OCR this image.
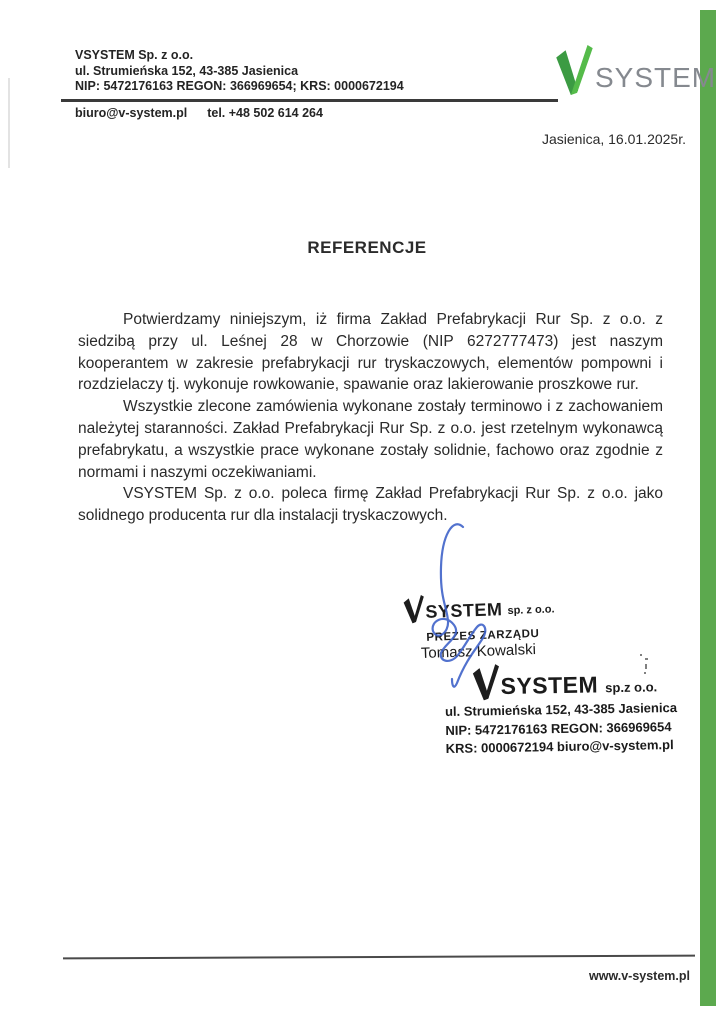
VSYSTEM Sp. z o.o.
ul. Strumieńska 152, 43-385 Jasienica
NIP: 5472176163 REGON: 366969654; KRS: 0000672194
biuro@v-system.pl tel. +48 502 614 264
SYSTEM
Jasienica, 16.01.2025r.
REFERENCJE

Potwierdzamy niniejszym, iż firma Zakład Prefabrykacji Rur Sp. z o.o. z siedzibą przy ul. Leśnej 28 w Chorzowie (NIP 6272777473) jest naszym kooperantem w zakresie prefabrykacji rur tryskaczowych, elementów pompowni i rozdzielaczy tj. wykonuje rowkowanie, spawanie oraz lakierowanie proszkowe rur.

Wszystkie zlecone zamówienia wykonane zostały terminowo i z zachowaniem należytej staranności. Zakład Prefabrykacji Rur Sp. z o.o. jest rzetelnym wykonawcą prefabrykatu, a wszystkie prace wykonane zostały solidnie, fachowo oraz zgodnie z normami i naszymi oczekiwaniami.

VSYSTEM Sp. z o.o. poleca firmę Zakład Prefabrykacji Rur Sp. z o.o. jako solidnego producenta rur dla instalacji tryskaczowych.

SYSTEM sp. z o.o.
PREZES ZARZĄDU
Tomasz Kowalski
SYSTEM sp.z o.o.
ul. Strumieńska 152, 43-385 Jasienica
NIP: 5472176163 REGON: 366969654
KRS: 0000672194 biuro@v-system.pl
www.v-system.pl
